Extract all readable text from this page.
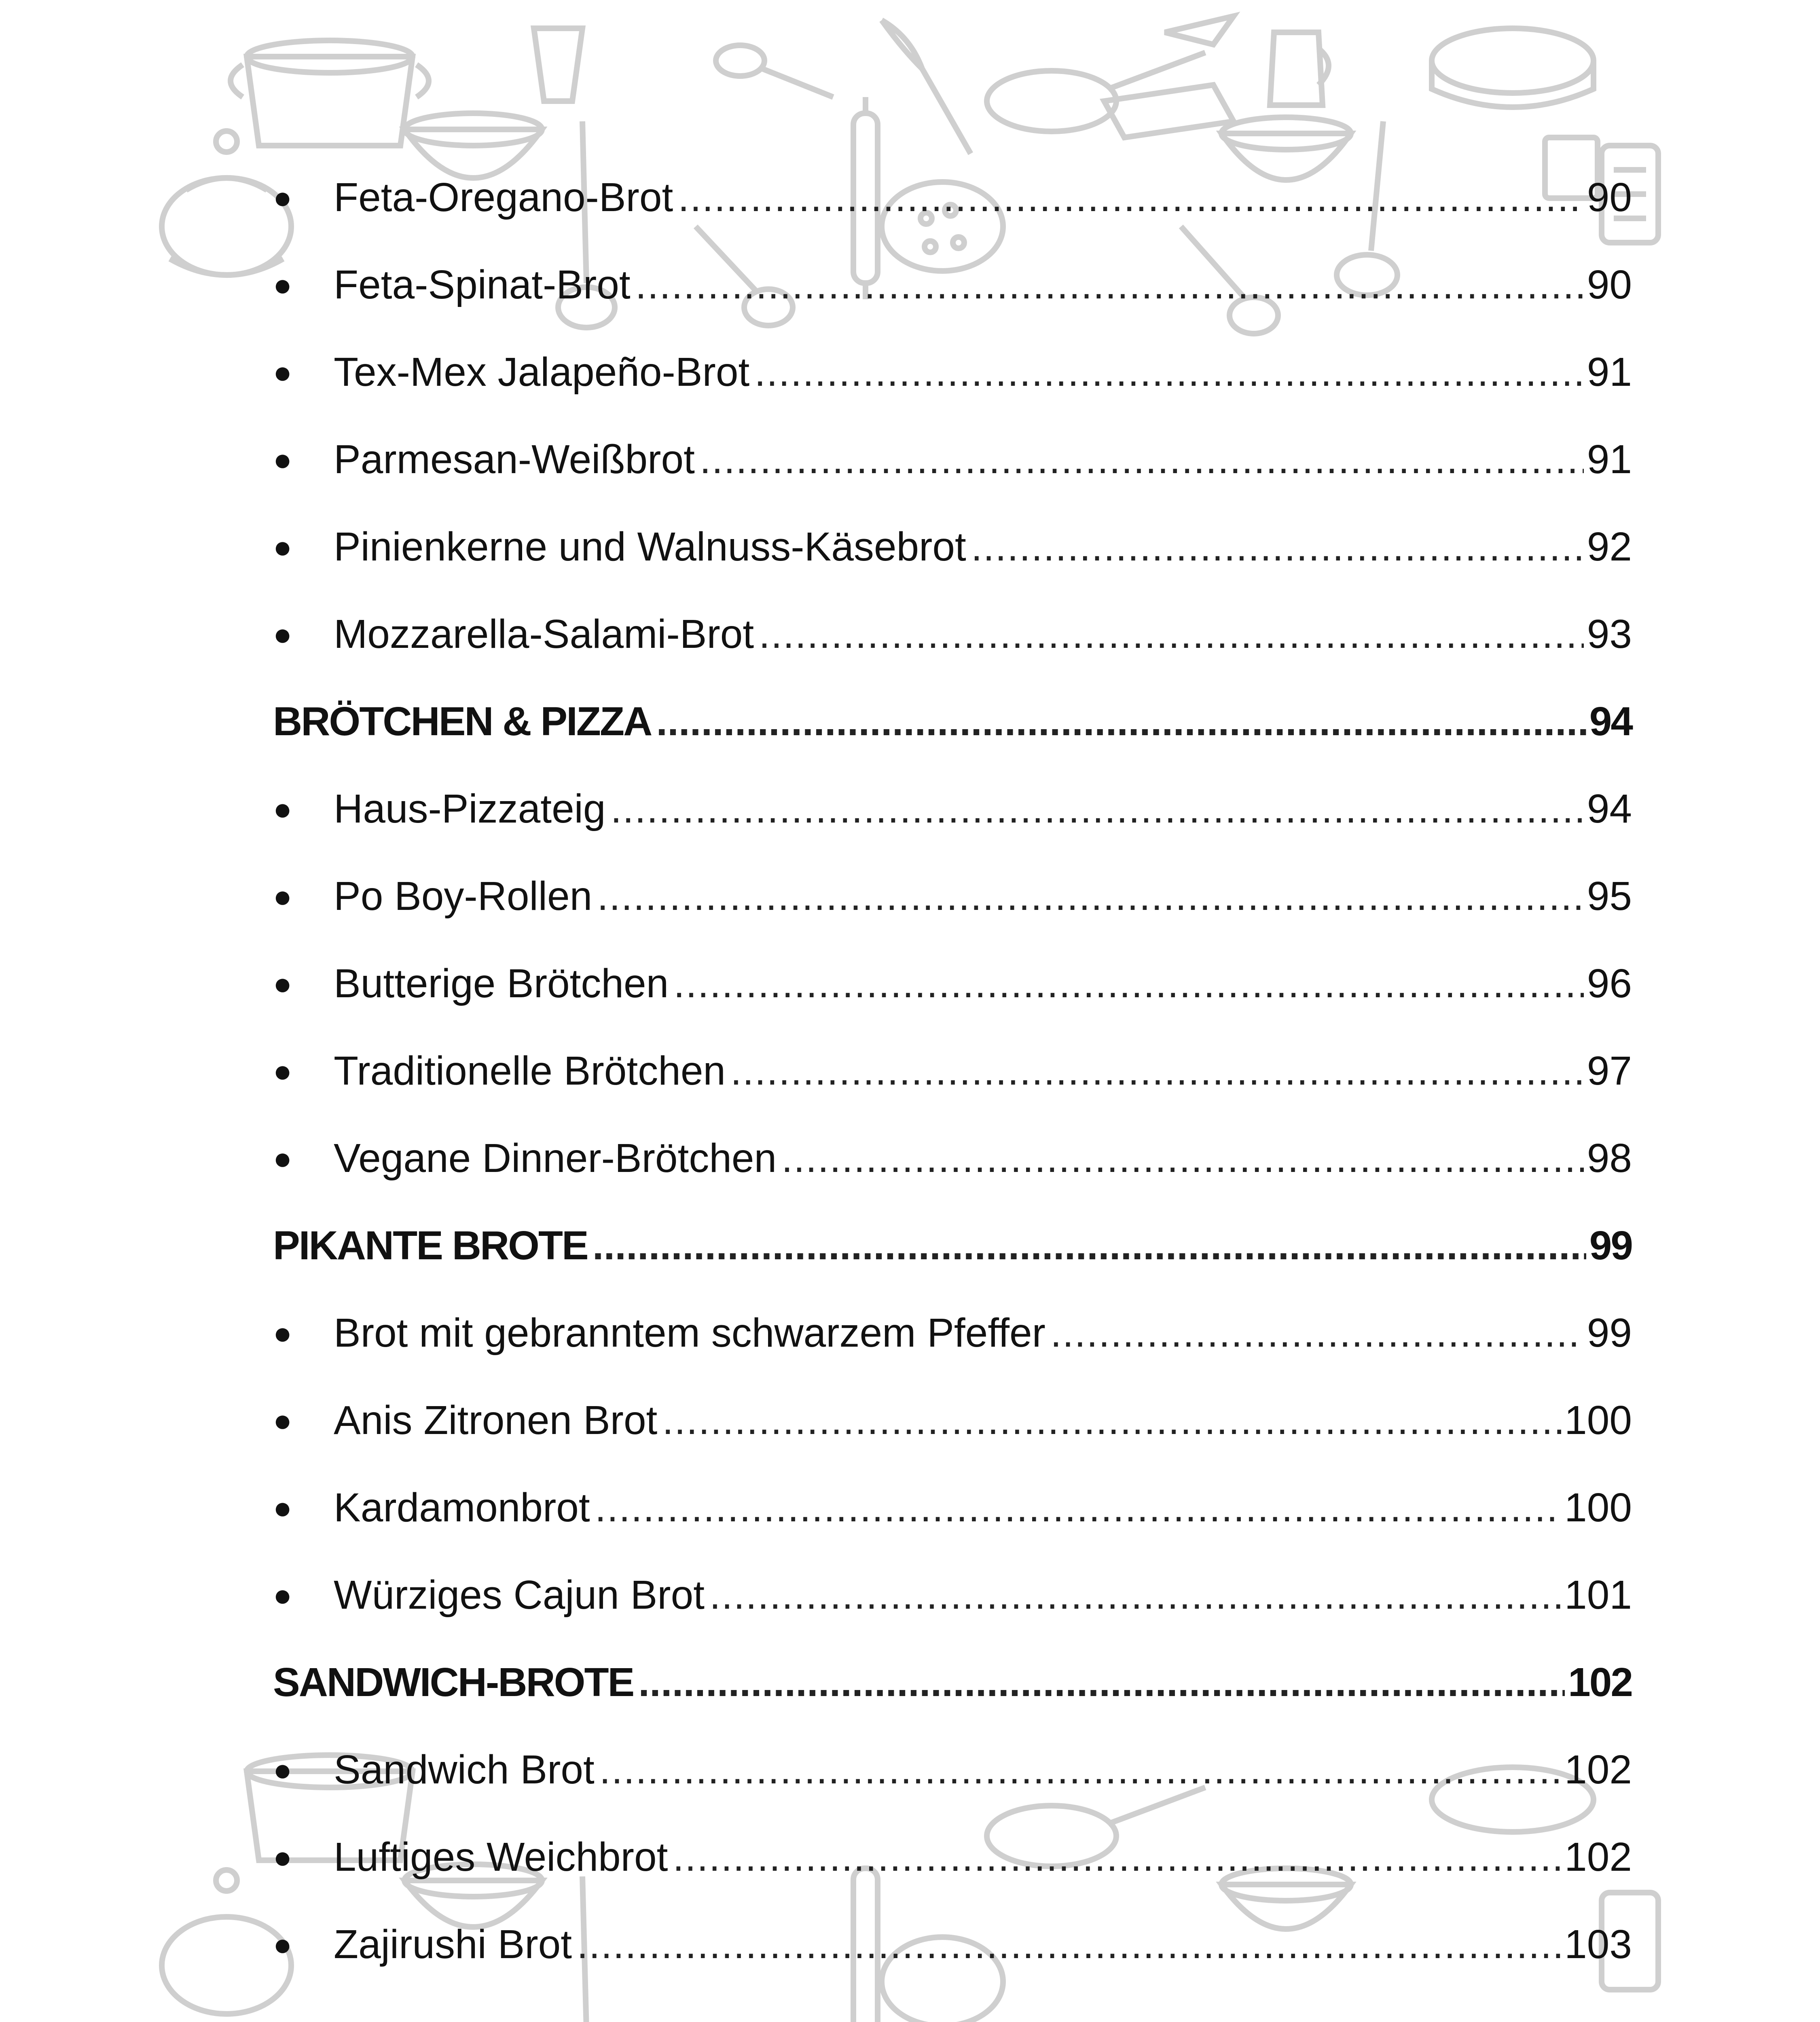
●	Feta-Oregano-Brot .....	90
●	Feta-Spinat-Brot .....	90
●	Tex-Mex Jalapeño-Brot .....	91
●	Parmesan-Weißbrot .....	91
●	Pinienkerne und Walnuss-Käsebrot .....	92
●	Mozzarella-Salami-Brot .....	93
BRÖTCHEN & PIZZA .....	94
●	Haus-Pizzateig .....	94
●	Po Boy-Rollen .....	95
●	Butterige Brötchen .....	96
●	Traditionelle Brötchen .....	97
●	Vegane Dinner-Brötchen .....	98
PIKANTE BROTE .....	99
●	Brot mit gebranntem schwarzem Pfeffer .....	99
●	Anis Zitronen Brot .....	100
●	Kardamonbrot .....	100
●	Würziges Cajun Brot .....	101
SANDWICH-BROTE .....	102
●	Sandwich Brot .....	102
●	Luftiges Weichbrot .....	102
●	Zajirushi Brot .....	103
